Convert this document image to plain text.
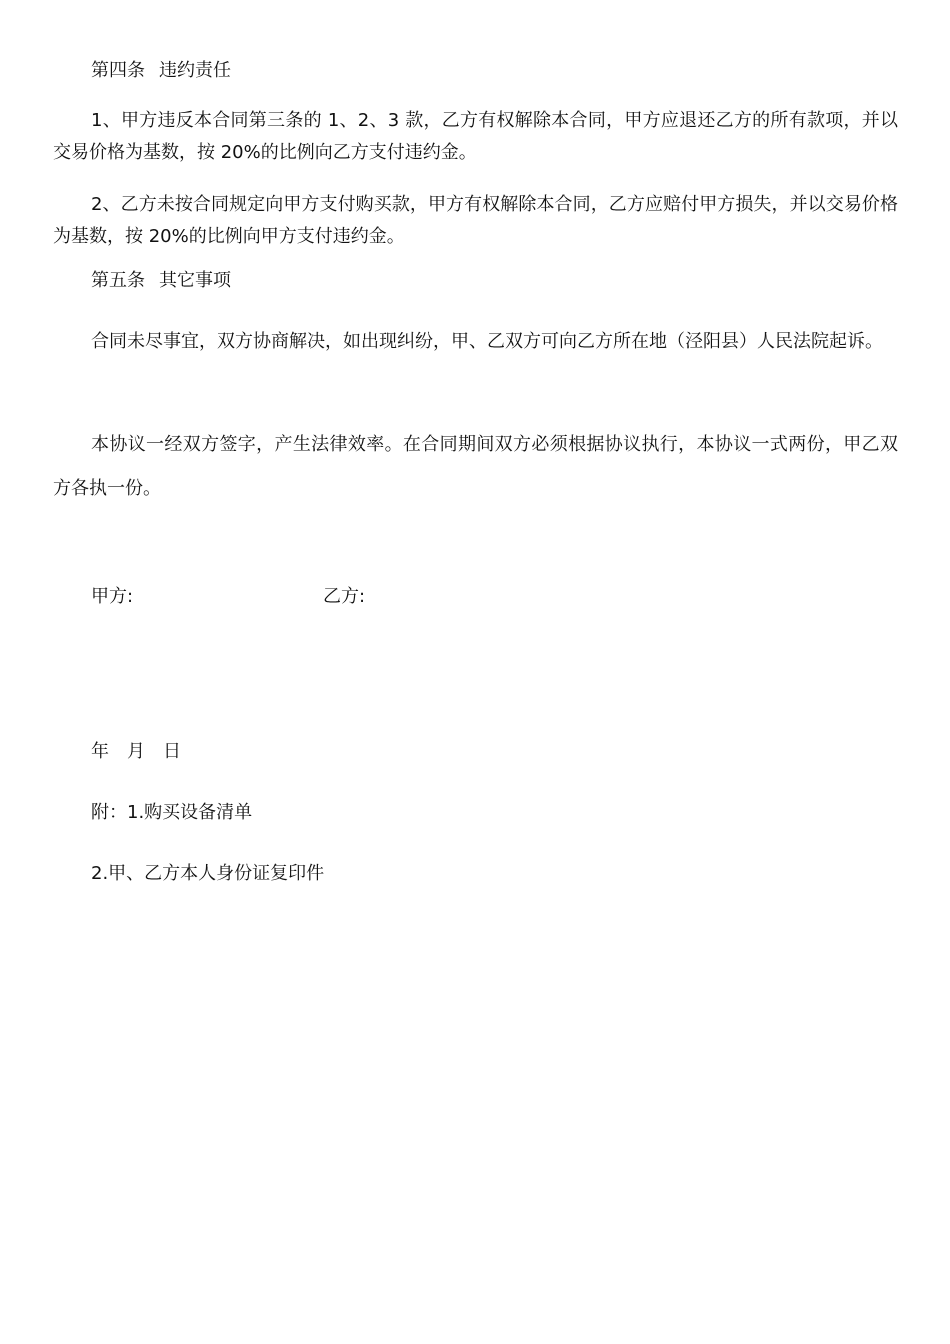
第四条 违约责任

1、甲方违反本合同第三条的 1、2、3 款，乙方有权解除本合同，甲方应退还乙方的所有款项，并以交易价格为基数，按 20%的比例向乙方支付违约金。

2、乙方未按合同规定向甲方支付购买款，甲方有权解除本合同，乙方应赔付甲方损失，并以交易价格为基数，按 20%的比例向甲方支付违约金。

第五条 其它事项

合同未尽事宜，双方协商解决，如出现纠纷，甲、乙双方可向乙方所在地（泾阳县）人民法院起诉。

本协议一经双方签字，产生法律效率。在合同期间双方必须根据协议执行，本协议一式两份，甲乙双方各执一份。

甲方:	乙方:

年　月　日

附：1.购买设备清单

2.甲、乙方本人身份证复印件
